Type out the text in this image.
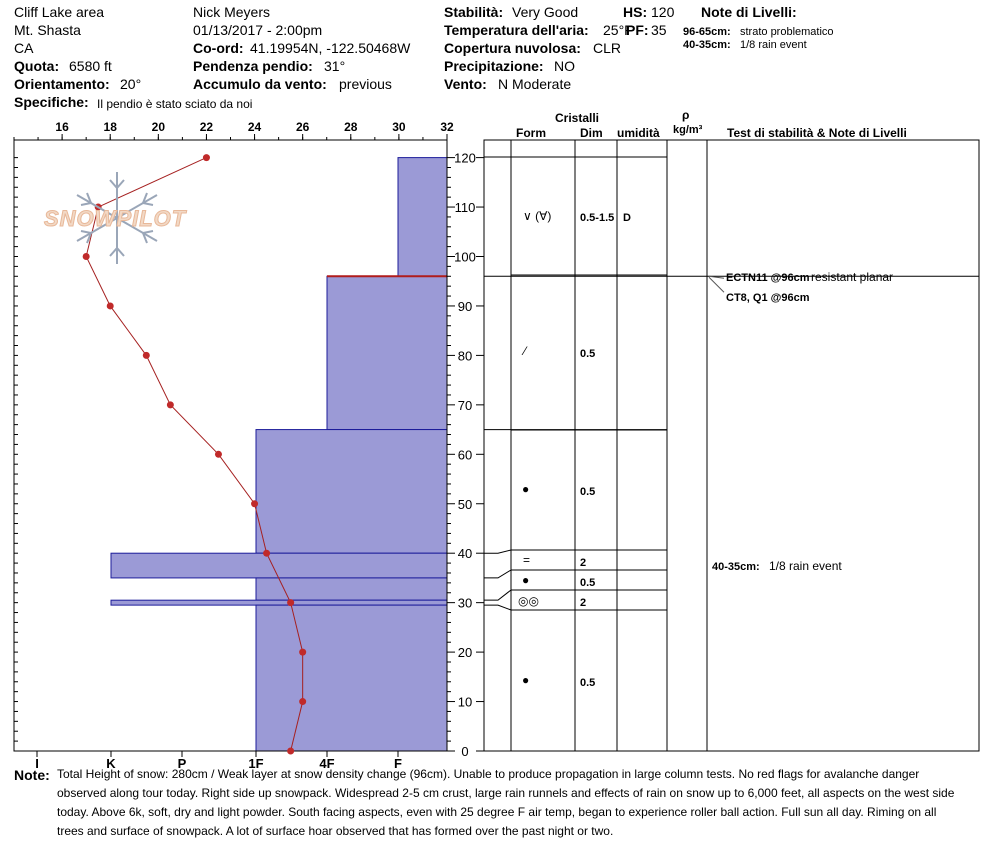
Cliff Lake area
Mt. Shasta
CA
Quota: 6580 ft
Orientamento: 20°
Specifiche: Il pendio è stato sciato da noi
Nick Meyers
01/13/2017 - 2:00pm
Co-ord: 41.19954N, -122.50468W
Pendenza pendio: 31°
Accumulo da vento: previous
Stabilità: Very Good
Temperatura dell'aria: 25°F
Copertura nuvolosa: CLR
Precipitazione: NO
Vento: N Moderate
HS: 120
PF: 35
Note di Livelli:
96-65cm: strato problematico
40-35cm: 1/8 rain event
16	18	20	22	24	26	28	30	32
I	K	P	1F	4F	F
0
10
20
30
40
50
60
70
80
90
100
110
120
SNOWPILOT
Cristalli
Form	Dim umidità
ρ
kg/m³ Test di stabilità & Note di Livelli
∨ (∀)	0.5-1.5 D
⁄	0.5
●	0.5
=	2
●	0.5
◎◎	2
●	0.5
ECTN11 @96cm resistant planar
CT8, Q1 @96cm
40-35cm: 1/8 rain event
Note: Total Height of snow: 280cm / Weak layer at snow density change (96cm). Unable to produce propagation in large column tests. No red flags for avalanche danger observed along tour today. Right side up snowpack. Widespread 2-5 cm crust, large rain runnels and effects of rain on snow up to 6,000 feet, all aspects on the west side today. Above 6k, soft, dry and light powder. South facing aspects, even with 25 degree F air temp, began to experience roller ball action. Full sun all day. Riming on all trees and surface of snowpack. A lot of surface hoar observed that has formed over the past night or two.
